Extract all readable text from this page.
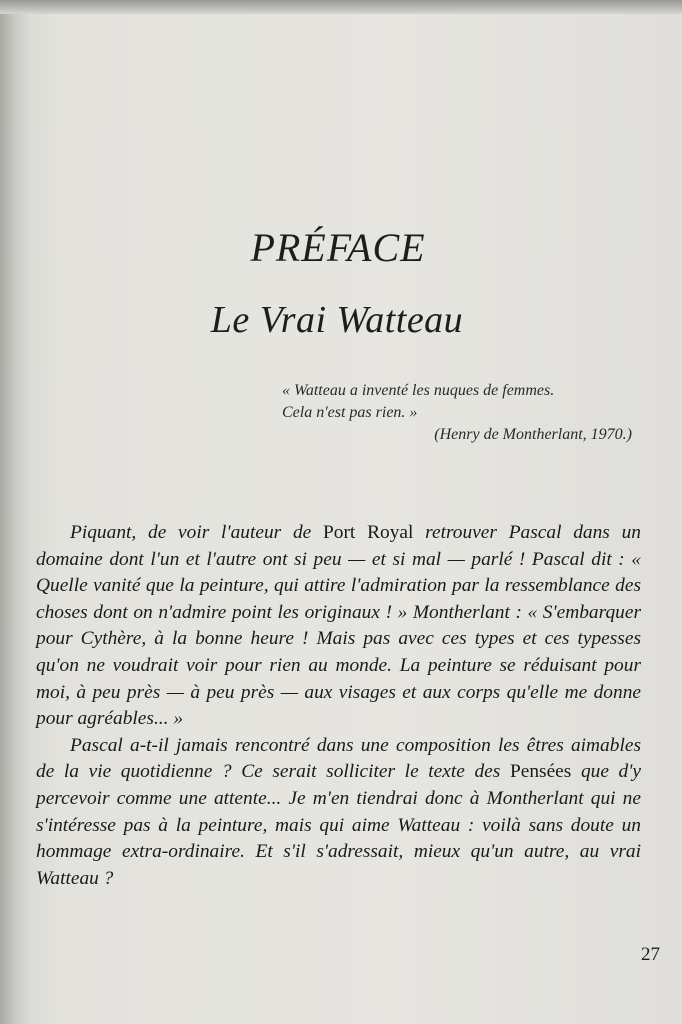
PRÉFACE
Le Vrai Watteau
« Watteau a inventé les nuques de femmes.
Cela n'est pas rien. »
(Henry de Montherlant, 1970.)

Piquant, de voir l'auteur de Port Royal retrouver Pascal dans un domaine dont l'un et l'autre ont si peu — et si mal — parlé ! Pascal dit : « Quelle vanité que la peinture, qui attire l'admiration par la ressemblance des choses dont on n'admire point les originaux ! » Montherlant : « S'embarquer pour Cythère, à la bonne heure ! Mais pas avec ces types et ces typesses qu'on ne voudrait voir pour rien au monde. La peinture se réduisant pour moi, à peu près — à peu près — aux visages et aux corps qu'elle me donne pour agréables... »

Pascal a-t-il jamais rencontré dans une composition les êtres aimables de la vie quotidienne ? Ce serait solliciter le texte des Pensées que d'y percevoir comme une attente... Je m'en tiendrai donc à Montherlant qui ne s'intéresse pas à la peinture, mais qui aime Watteau : voilà sans doute un hommage extra-ordinaire. Et s'il s'adressait, mieux qu'un autre, au vrai Watteau ?

27
